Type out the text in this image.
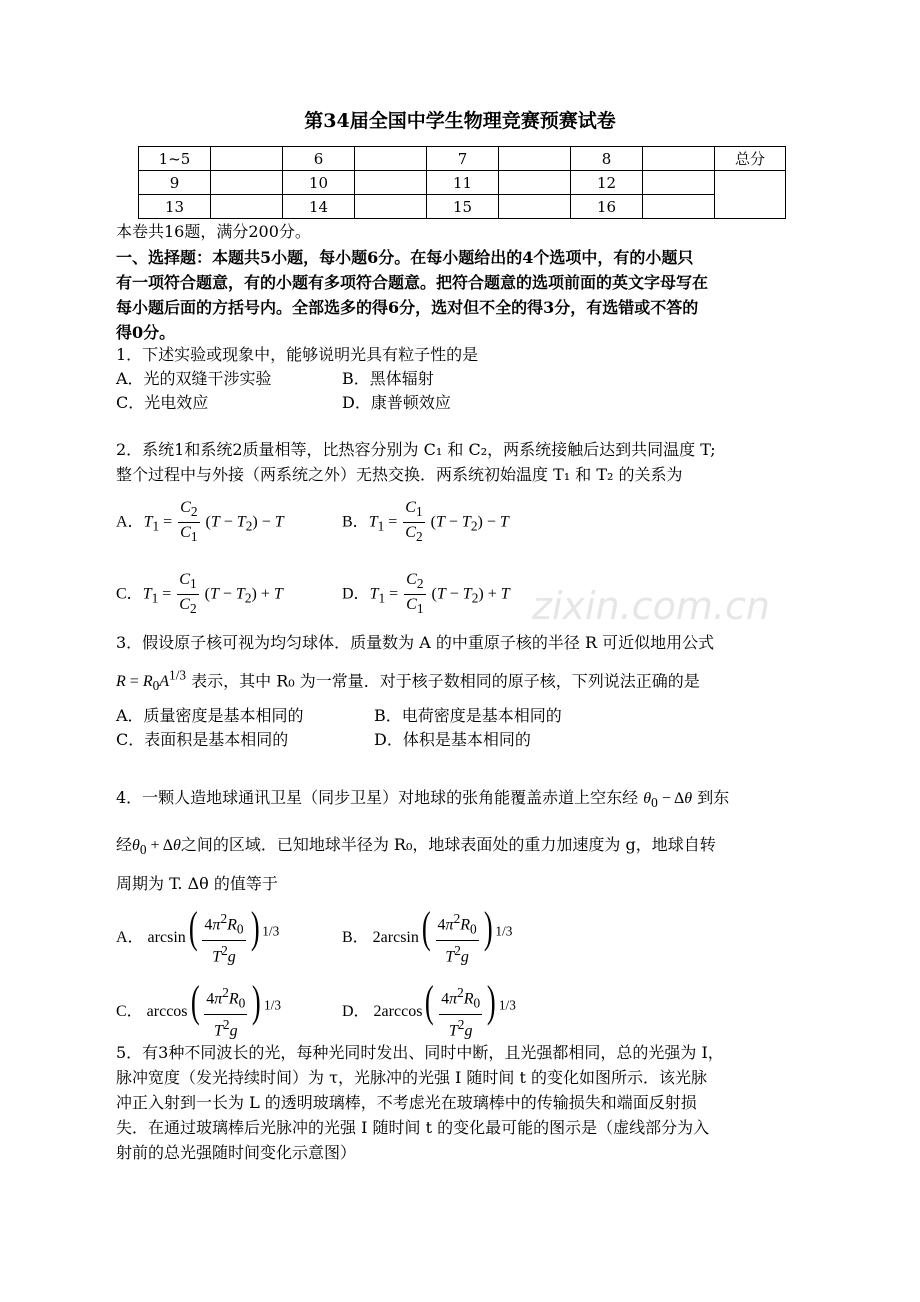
第34届全国中学生物理竞赛预赛试卷
1~5		6		7		8		总分
9		10		11		12		
13		14		15		16		
本卷共16题，满分200分。
一、选择题：本题共5小题，每小题6分。在每小题给出的4个选项中，有的小题只
有一项符合题意，有的小题有多项符合题意。把符合题意的选项前面的英文字母写在
每小题后面的方括号内。全部选多的得6分，选对但不全的得3分，有选错或不答的
得0分。
1．下述实验或现象中，能够说明光具有粒子性的是
A．光的双缝干涉实验	B．黑体辐射
C．光电效应	D．康普顿效应
2．系统1和系统2质量相等，比热容分别为 C₁ 和 C₂，两系统接触后达到共同温度 T;
整个过程中与外接（两系统之外）无热交换．两系统初始温度 T₁ 和 T₂ 的关系为
A．$T_1 = \frac{C_2}{C_1} (T - T_2) - T$	B．$T_1 = \frac{C_1}{C_2} (T - T_2) - T$
C．$T_1 = \frac{C_1}{C_2} (T - T_2) + T$	D．$T_1 = \frac{C_2}{C_1} (T - T_2) + T$ zixin.com.cn
3．假设原子核可视为均匀球体．质量数为 A 的中重原子核的半径 R 可近似地用公式
$R = R_0A^{1/3}$ 表示，其中 R₀ 为一常量．对于核子数相同的原子核，下列说法正确的是
A．质量密度是基本相同的	B．电荷密度是基本相同的
C．表面积是基本相同的	D．体积是基本相同的
4．一颗人造地球通讯卫星（同步卫星）对地球的张角能覆盖赤道上空东经 $\theta_0 - \Delta\theta$ 到东
经$\theta_0 + \Delta\theta$之间的区域．已知地球半径为 R₀，地球表面处的重力加速度为 g，地球自转
周期为 T. Δθ 的值等于
A． $\arcsin( \frac{4\pi^2R_0}{T^2g}$ ) $^{1/3}$	B． $2\arcsin( \frac{4\pi^2R_0}{T^2g}$ ) $^{1/3}$
C． $\arccos( \frac{4\pi^2R_0}{T^2g}$ ) $^{1/3}$	D． $2\arccos( \frac{4\pi^2R_0}{T^2g}$ ) $^{1/3}$
5．有3种不同波长的光，每种光同时发出、同时中断，且光强都相同，总的光强为 I，
脉冲宽度（发光持续时间）为 τ，光脉冲的光强 I 随时间 t 的变化如图所示．该光脉
冲正入射到一长为 L 的透明玻璃棒，不考虑光在玻璃棒中的传输损失和端面反射损
失．在通过玻璃棒后光脉冲的光强 I 随时间 t 的变化最可能的图示是（虚线部分为入
射前的总光强随时间变化示意图）
